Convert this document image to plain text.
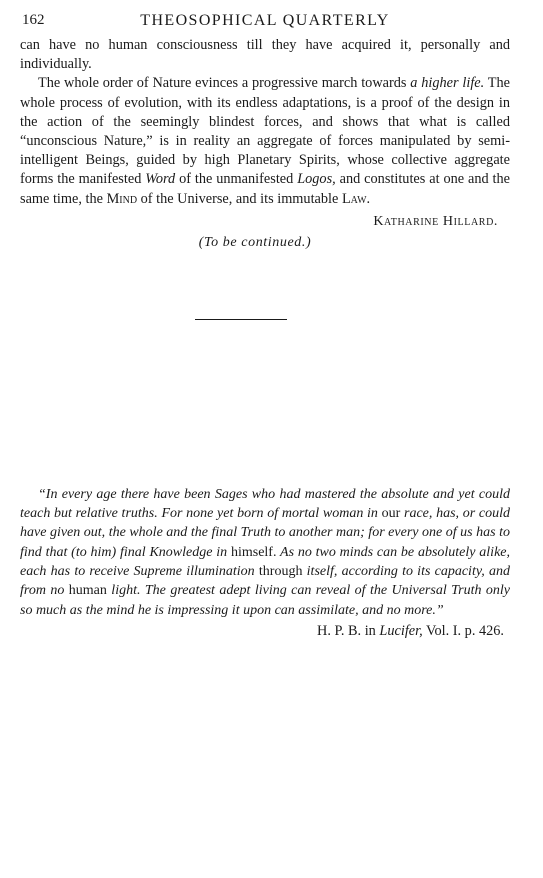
162	THEOSOPHICAL QUARTERLY

can have no human consciousness till they have acquired it, personally and individually.

The whole order of Nature evinces a progressive march towards a higher life. The whole process of evolution, with its endless adaptations, is a proof of the design in the action of the seemingly blindest forces, and shows that what is called “unconscious Nature,” is in reality an aggregate of forces manipulated by semi-intelligent Beings, guided by high Planetary Spirits, whose collective aggregate forms the manifested Word of the unmanifested Logos, and constitutes at one and the same time, the Mind of the Universe, and its immutable Law.

Katharine Hillard.
(To be continued.)

“In every age there have been Sages who had mastered the absolute and yet could teach but relative truths. For none yet born of mortal woman in our race, has, or could have given out, the whole and the final Truth to another man; for every one of us has to find that (to him) final Knowledge in himself. As no two minds can be absolutely alike, each has to receive Supreme illumination through itself, according to its capacity, and from no human light. The greatest adept living can reveal of the Universal Truth only so much as the mind he is impressing it upon can assimilate, and no more.”

H. P. B. in Lucifer, Vol. I. p. 426.
